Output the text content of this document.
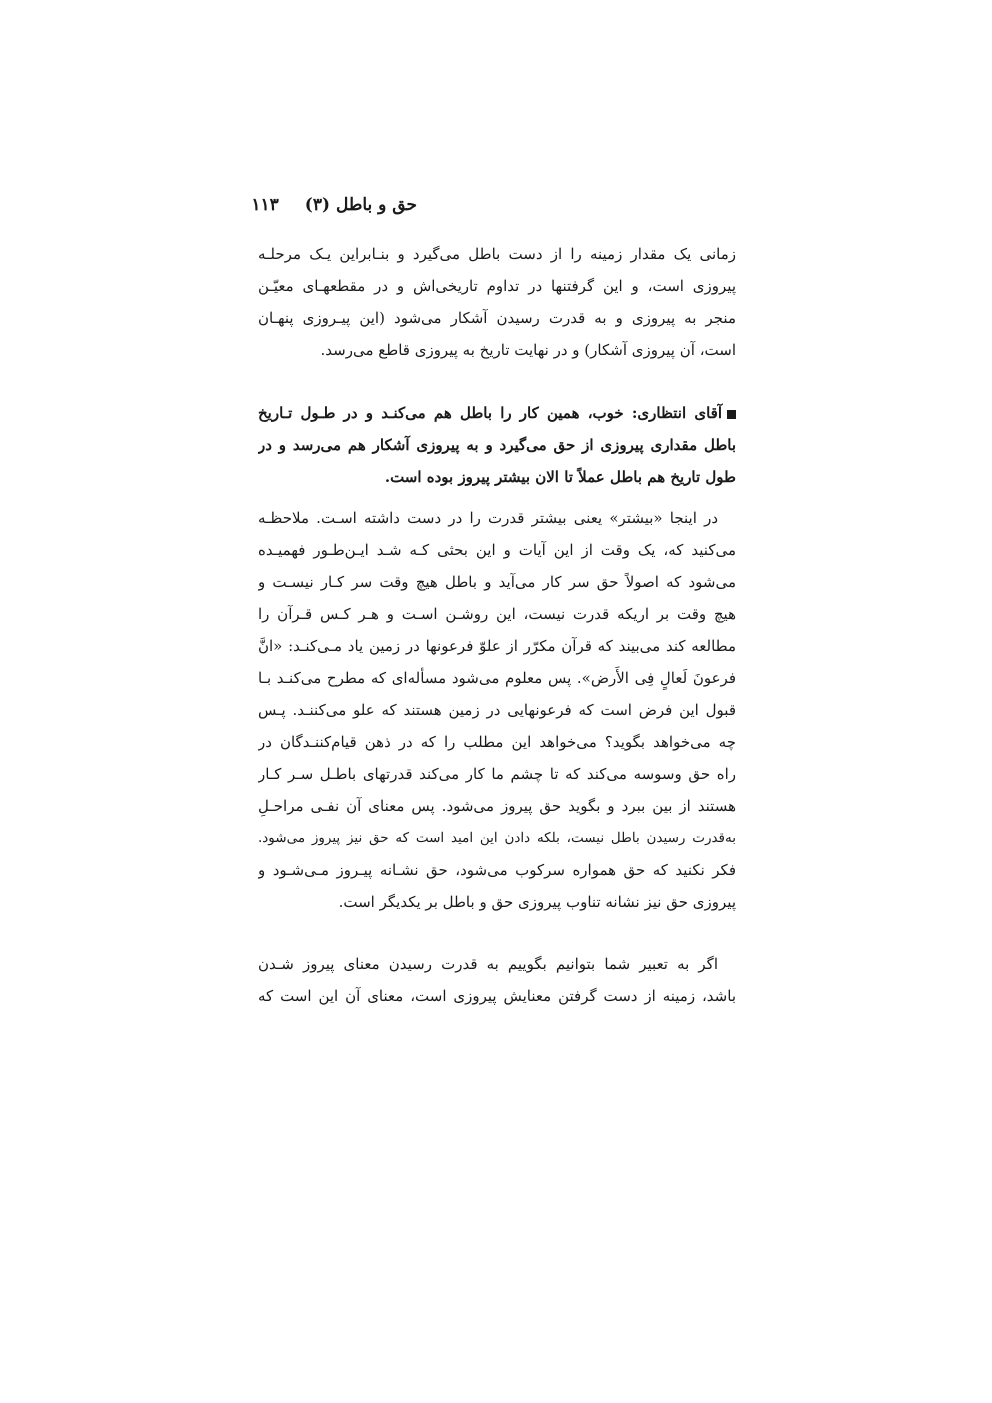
حق و باطل (۳)
۱۱۳
زمانی یک مقدار زمینه را از دست باطل می‌گیرد و بنـابراین یـک مرحلـه
پیروزی است، و این گرفتنها در تداوم تاریخی‌اش و در مقطعهـای معیّـن
منجر به پیروزی و به قدرت رسیدن آشکار می‌شود (این پیـروزی پنهـان
است، آن پیروزی آشکار) و در نهایت تاریخ به پیروزی قاطع می‌رسد.
آقای انتظاری: خوب، همین کار را باطل هم می‌کنـد و در طـول تـاریخ
باطل مقداری پیروزی از حق می‌گیرد و به پیروزی آشکار هم می‌رسد و در
طول تاریخ هم باطل عملاً تا الان بیشتر پیروز بوده است.
در اینجا «بیشتر» یعنی بیشتر قدرت را در دست داشته اسـت. ملاحظـه
می‌کنید که، یک وقت از این آیات و این بحثی کـه شـد ایـن‌طـور فهمیـده
می‌شود که اصولاً حق سر کار می‌آید و باطل هیچ وقت سر کـار نیسـت و
هیچ وقت بر اریکه قدرت نیست، این روشـن اسـت و هـر کـس قـرآن را
مطالعه کند می‌بیند که قرآن مکرّر از علوّ فرعونها در زمین یاد مـی‌کنـد: «انَّ
فرعونَ لَعالٍ فِی الأَرض». پس معلوم می‌شود مسأله‌ای که مطرح می‌کنـد بـا
قبول این فرض است که فرعونهایی در زمین هستند که علو می‌کننـد. پـس
چه می‌خواهد بگوید؟ می‌خواهد این مطلب را که در ذهن قیام‌کننـدگان در
راه حق وسوسه می‌کند که تا چشم ما کار می‌کند قدرتهای باطـل سـر کـار
هستند از بین ببرد و بگوید حق پیروز می‌شود. پس معنای آن نفـی مراحـلِ
به‌قدرت رسیدن باطل نیست، بلکه دادن این امید است که حق نیز پیروز می‌شود.
فکر نکنید که حق همواره سرکوب می‌شود، حق نشـانه پیـروز مـی‌شـود و
پیروزی حق نیز نشانه تناوب پیروزی حق و باطل بر یکدیگر است.
اگر به تعبیر شما بتوانیم بگوییم به قدرت رسیدن معنای پیروز شـدن
باشد، زمینه از دست گرفتن معنایش پیروزی است، معنای آن این است که
